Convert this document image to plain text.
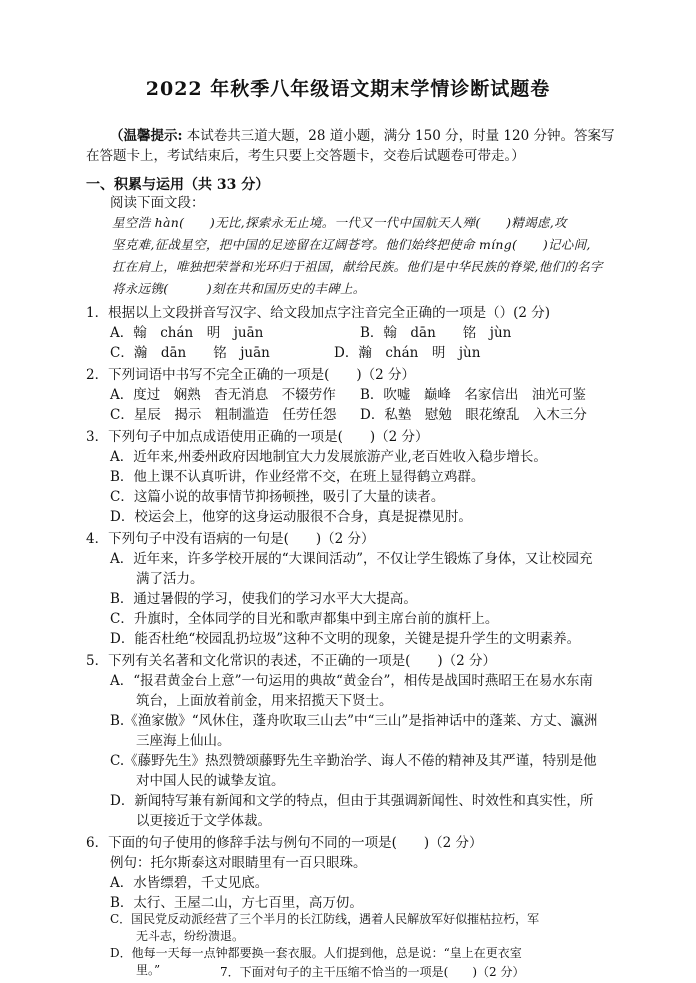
2022 年秋季八年级语文期末学情诊断试题卷
（温馨提示: 本试卷共三道大题，28 道小题，满分 150 分，时量 120 分钟。答案写
在答题卡上，考试结束后，考生只要上交答题卡，交卷后试题卷可带走。）
一、积累与运用（共 33 分）
阅读下面文段：
星空浩 hàn(　　)无比,探索永无止境。一代又一代中国航天人殚(　　)精竭虑,攻
坚克难,征战星空，把中国的足迹留在辽阔苍穹。他们始终把使命 míng(　　)记心间,
扛在肩上，唯独把荣誉和光环归于祖国，献给民族。他们是中华民族的脊梁,他们的名字
将永远镌(　　　)刻在共和国历史的丰碑上。
1．根据以上文段拼音写汉字、给文段加点字注音完全正确的一项是（）(2 分)
A．翰　chán　明　juān	B．翰　dān　　铭　jùn
C．瀚　dān　　铭　juān	D．瀚　chán　明　jùn
2．下列词语中书写不完全正确的一项是(　　)（2 分）
A．度过　娴熟　杳无消息　不辍劳作 B．吹嘘　巅峰　名家信出　油光可鉴
C．星辰　揭示　粗制滥造　任劳任怨 D．私塾　慰勉　眼花缭乱　入木三分
3．下列句子中加点成语使用正确的一项是(　　)（2 分）
A．近年来,州委州政府因地制宜大力发展旅游产业,老百姓收入稳步增长。
B．他上课不认真听讲，作业经常不交，在班上显得鹤立鸡群。
C．这篇小说的故事情节抑扬顿挫，吸引了大量的读者。
D．校运会上，他穿的这身运动服很不合身，真是捉襟见肘。
4．下列句子中没有语病的一句是(　　)（2 分）
A．近年来，许多学校开展的“大课间活动”，不仅让学生锻炼了身体，又让校园充
满了活力。
B．通过暑假的学习，使我们的学习水平大大提高。
C．升旗时，全体同学的目光和歌声都集中到主席台前的旗杆上。
D．能否杜绝“校园乱扔垃圾”这种不文明的现象，关键是提升学生的文明素养。
5．下列有关名著和文化常识的表述，不正确的一项是(　　)（2 分）
A．“报君黄金台上意”一句运用的典故“黄金台”，相传是战国时燕昭王在易水东南
筑台，上面放着前金，用来招揽天下贤士。
B.《渔家傲》“风休住，蓬舟吹取三山去”中“三山”是指神话中的蓬莱、方丈、瀛洲
三座海上仙山。
C.《藤野先生》热烈赞颂藤野先生辛勤治学、诲人不倦的精神及其严谨，特别是他
对中国人民的诚挚友谊。
D．新闻特写兼有新闻和文学的特点，但由于其强调新闻性、时效性和真实性，所
以更接近于文学体裁。
6．下面的句子使用的修辞手法与例句不同的一项是(　　)（2 分）
例句：托尔斯泰这对眼睛里有一百只眼珠。
A．水皆缥碧，千丈见底。
B．太行、王屋二山，方七百里，高万仞。
C．国民党反动派经营了三个半月的长江防线，遇着人民解放军好似摧枯拉朽，军
无斗志，纷纷溃退。
D．他每一天每一点钟都要换一套衣服。人们提到他，总是说：“皇上在更衣室
7．下面对句子的主干压缩不恰当的一项是(　　)（2 分）
里。”
